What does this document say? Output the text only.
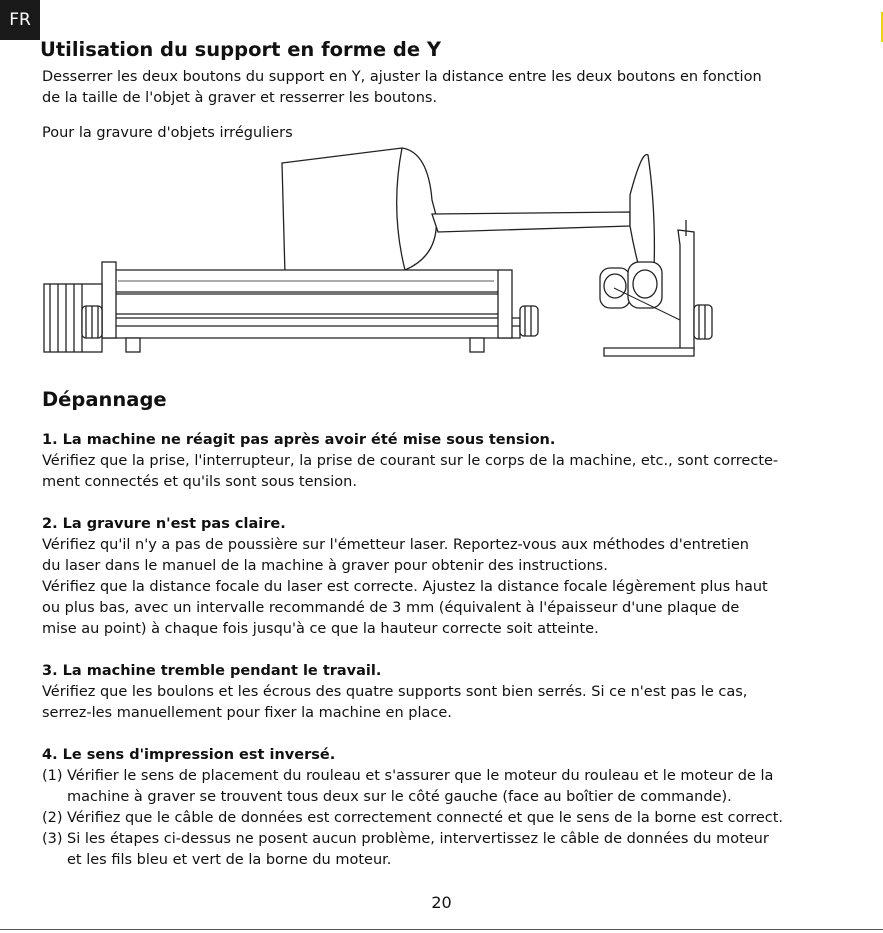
FR
Utilisation du support en forme de Y

Desserrer les deux boutons du support en Y, ajuster la distance entre les deux boutons en fonction

de la taille de l'objet à graver et resserrer les boutons.

Pour la gravure d'objets irréguliers

Dépannage

1. La machine ne réagit pas après avoir été mise sous tension.

Vérifiez que la prise, l'interrupteur, la prise de courant sur le corps de la machine, etc., sont correcte-

ment connectés et qu'ils sont sous tension.

2. La gravure n'est pas claire.

Vérifiez qu'il n'y a pas de poussière sur l'émetteur laser. Reportez-vous aux méthodes d'entretien

du laser dans le manuel de la machine à graver pour obtenir des instructions.

Vérifiez que la distance focale du laser est correcte. Ajustez la distance focale légèrement plus haut

ou plus bas, avec un intervalle recommandé de 3 mm (équivalent à l'épaisseur d'une plaque de

mise au point) à chaque fois jusqu'à ce que la hauteur correcte soit atteinte.

3. La machine tremble pendant le travail.

Vérifiez que les boulons et les écrous des quatre supports sont bien serrés. Si ce n'est pas le cas,

serrez-les manuellement pour fixer la machine en place.

4. Le sens d'impression est inversé.

(1) Vérifier le sens de placement du rouleau et s'assurer que le moteur du rouleau et le moteur de la

machine à graver se trouvent tous deux sur le côté gauche (face au boîtier de commande).

(2) Vérifiez que le câble de données est correctement connecté et que le sens de la borne est correct.

(3) Si les étapes ci-dessus ne posent aucun problème, intervertissez le câble de données du moteur

et les fils bleu et vert de la borne du moteur.

20
